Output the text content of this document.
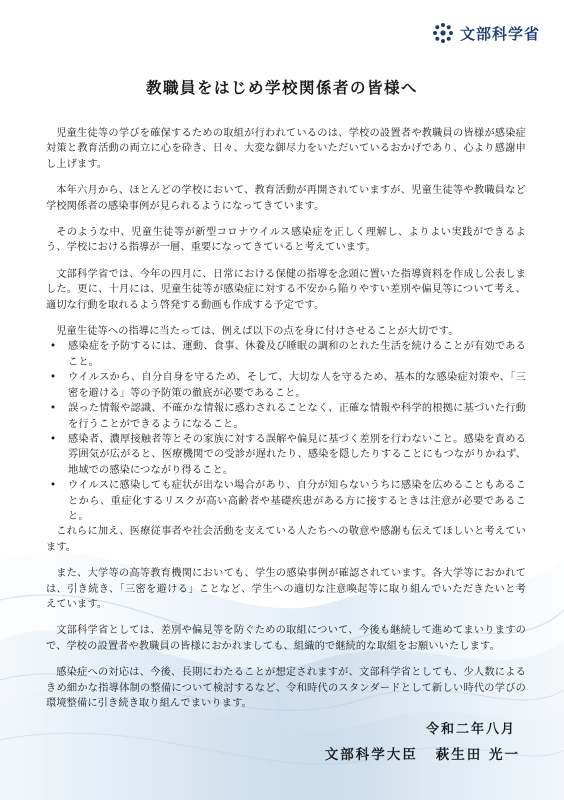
文部科学省
教職員をはじめ学校関係者の皆様へ

児童生徒等の学びを確保するための取組が行われているのは、学校の設置者や教職員の皆様が感染症対策と教育活動の両立に心を砕き、日々、大変な御尽力をいただいているおかげであり、心より感謝申し上げます。

本年六月から、ほとんどの学校において、教育活動が再開されていますが、児童生徒等や教職員など学校関係者の感染事例が見られるようになってきています。

そのような中、児童生徒等が新型コロナウイルス感染症を正しく理解し、よりよい実践ができるよう、学校における指導が一層、重要になってきていると考えています。

文部科学省では、今年の四月に、日常における保健の指導を念頭に置いた指導資料を作成し公表しました。更に、十月には、児童生徒等が感染症に対する不安から陥りやすい差別や偏見等について考え、適切な行動を取れるよう啓発する動画も作成する予定です。

児童生徒等への指導に当たっては、例えば以下の点を身に付けさせることが大切です。

• 感染症を予防するには、運動、食事、休養及び睡眠の調和のとれた生活を続けることが有効であること。
• ウイルスから、自分自身を守るため、そして、大切な人を守るため、基本的な感染症対策や、「三密を避ける」等の予防策の徹底が必要であること。
• 誤った情報や認識、不確かな情報に惑わされることなく、正確な情報や科学的根拠に基づいた行動を行うことができるようになること。
• 感染者、濃厚接触者等とその家族に対する誤解や偏見に基づく差別を行わないこと。感染を責める雰囲気が広がると、医療機関での受診が遅れたり、感染を隠したりすることにもつながりかねず、地域での感染につながり得ること。
• ウイルスに感染しても症状が出ない場合があり、自分が知らないうちに感染を広めることもあることから、重症化するリスクが高い高齢者や基礎疾患がある方に接するときは注意が必要であること。

これらに加え、医療従事者や社会活動を支えている人たちへの敬意や感謝も伝えてほしいと考えています。

また、大学等の高等教育機関においても、学生の感染事例が確認されています。各大学等におかれては、引き続き、「三密を避ける」ことなど、学生への適切な注意喚起等に取り組んでいただきたいと考えています。

文部科学省としては、差別や偏見等を防ぐための取組について、今後も継続して進めてまいりますので、学校の設置者や教職員の皆様におかれましても、組織的で継続的な取組をお願いいたします。

感染症への対応は、今後、長期にわたることが想定されますが、文部科学省としても、少人数によるきめ細かな指導体制の整備について検討するなど、令和時代のスタンダードとして新しい時代の学びの環境整備に引き続き取り組んでまいります。

令和二年八月
文部科学大臣 萩生田 光一
